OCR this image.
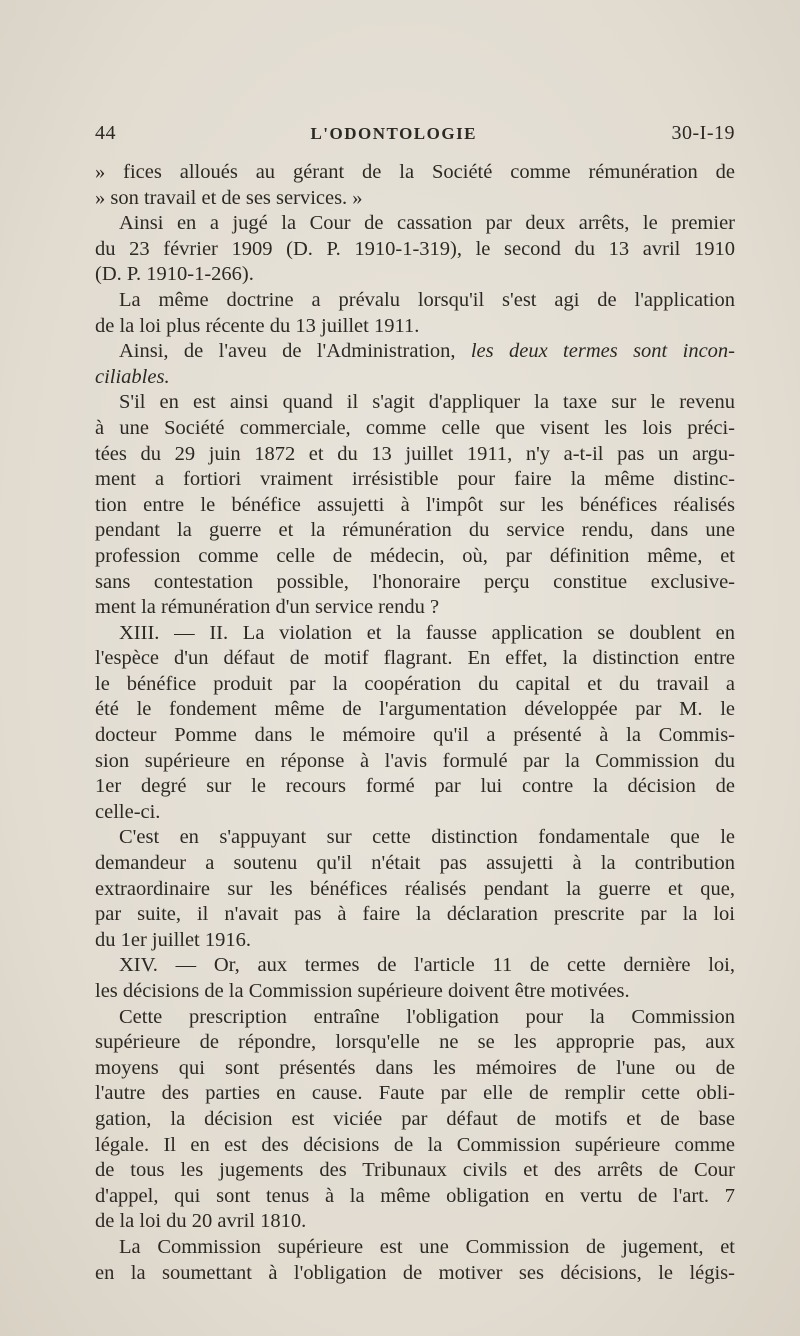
44	L'ODONTOLOGIE	30-I-19
» fices alloués au gérant de la Société comme rémunération de
» son travail et de ses services. »
Ainsi en a jugé la Cour de cassation par deux arrêts, le premier
du 23 février 1909 (D. P. 1910-1-319), le second du 13 avril 1910
(D. P. 1910-1-266).
La même doctrine a prévalu lorsqu'il s'est agi de l'application
de la loi plus récente du 13 juillet 1911.
Ainsi, de l'aveu de l'Administration, les deux termes sont incon-
ciliables.
S'il en est ainsi quand il s'agit d'appliquer la taxe sur le revenu
à une Société commerciale, comme celle que visent les lois préci-
tées du 29 juin 1872 et du 13 juillet 1911, n'y a-t-il pas un argu-
ment a fortiori vraiment irrésistible pour faire la même distinc-
tion entre le bénéfice assujetti à l'impôt sur les bénéfices réalisés
pendant la guerre et la rémunération du service rendu, dans une
profession comme celle de médecin, où, par définition même, et
sans contestation possible, l'honoraire perçu constitue exclusive-
ment la rémunération d'un service rendu ?
XIII. — II. La violation et la fausse application se doublent en
l'espèce d'un défaut de motif flagrant. En effet, la distinction entre
le bénéfice produit par la coopération du capital et du travail a
été le fondement même de l'argumentation développée par M. le
docteur Pomme dans le mémoire qu'il a présenté à la Commis-
sion supérieure en réponse à l'avis formulé par la Commission du
1er degré sur le recours formé par lui contre la décision de
celle-ci.
C'est en s'appuyant sur cette distinction fondamentale que le
demandeur a soutenu qu'il n'était pas assujetti à la contribution
extraordinaire sur les bénéfices réalisés pendant la guerre et que,
par suite, il n'avait pas à faire la déclaration prescrite par la loi
du 1er juillet 1916.
XIV. — Or, aux termes de l'article 11 de cette dernière loi,
les décisions de la Commission supérieure doivent être motivées.
Cette prescription entraîne l'obligation pour la Commission
supérieure de répondre, lorsqu'elle ne se les approprie pas, aux
moyens qui sont présentés dans les mémoires de l'une ou de
l'autre des parties en cause. Faute par elle de remplir cette obli-
gation, la décision est viciée par défaut de motifs et de base
légale. Il en est des décisions de la Commission supérieure comme
de tous les jugements des Tribunaux civils et des arrêts de Cour
d'appel, qui sont tenus à la même obligation en vertu de l'art. 7
de la loi du 20 avril 1810.
La Commission supérieure est une Commission de jugement, et
en la soumettant à l'obligation de motiver ses décisions, le légis-
